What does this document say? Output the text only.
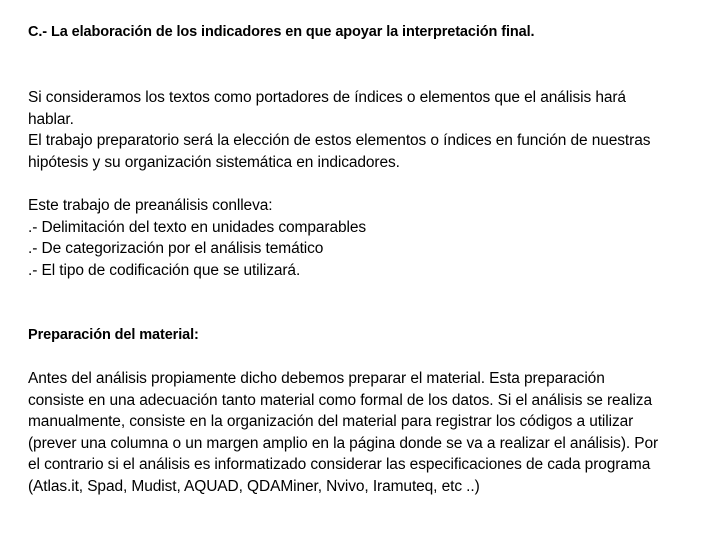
C.- La elaboración de los indicadores en que apoyar la interpretación final.

Si consideramos los textos como portadores de índices o elementos que el análisis hará
hablar.
El trabajo preparatorio será la elección de estos elementos o índices en función de nuestras
hipótesis y su organización sistemática en indicadores.

Este trabajo de preanálisis conlleva:
.- Delimitación del texto en unidades comparables
.- De categorización por el análisis temático
.- El tipo de codificación que se utilizará.

Preparación del material:

Antes del análisis propiamente dicho debemos preparar el material. Esta preparación
consiste en una adecuación tanto material como formal de los datos. Si el análisis se realiza
manualmente, consiste en la organización del material para registrar los códigos a utilizar
(prever una columna o un margen amplio en la página donde se va a realizar el análisis). Por
el contrario si el análisis es informatizado considerar las especificaciones de cada programa
(Atlas.it, Spad, Mudist, AQUAD, QDAMiner, Nvivo, Iramuteq, etc ..)
